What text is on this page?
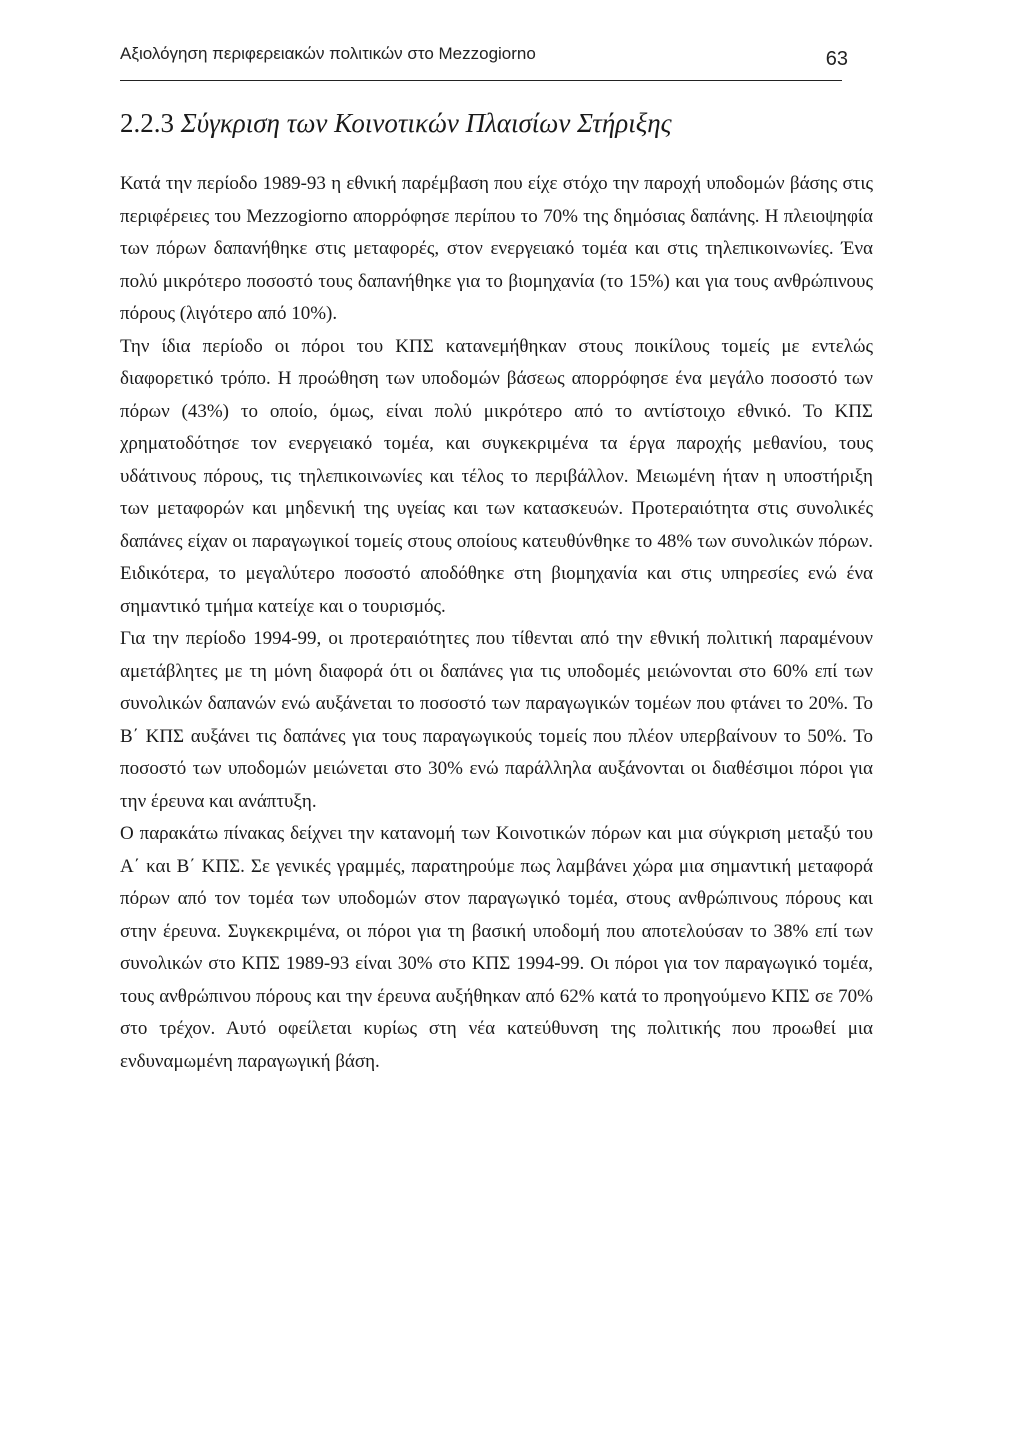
Αξιολόγηση περιφερειακών πολιτικών στο Mezzogiorno	63
2.2.3 Σύγκριση των Κοινοτικών Πλαισίων Στήριξης

Κατά την περίοδο 1989-93 η εθνική παρέμβαση που είχε στόχο την παροχή υποδομών βάσης στις περιφέρειες του Mezzogiorno απορρόφησε περίπου το 70% της δημόσιας δαπάνης. Η πλειοψηφία των πόρων δαπανήθηκε στις μεταφορές, στον ενεργειακό τομέα και στις τηλεπικοινωνίες. Ένα πολύ μικρότερο ποσοστό τους δαπανήθηκε για το βιομηχανία (το 15%) και για τους ανθρώπινους πόρους (λιγότερο από 10%).

Την ίδια περίοδο οι πόροι του ΚΠΣ κατανεμήθηκαν στους ποικίλους τομείς με εντελώς διαφορετικό τρόπο. Η προώθηση των υποδομών βάσεως απορρόφησε ένα μεγάλο ποσοστό των πόρων (43%) το οποίο, όμως, είναι πολύ μικρότερο από το αντίστοιχο εθνικό. Το ΚΠΣ χρηματοδότησε τον ενεργειακό τομέα, και συγκεκριμένα τα έργα παροχής μεθανίου, τους υδάτινους πόρους, τις τηλεπικοινωνίες και τέλος το περιβάλλον. Μειωμένη ήταν η υποστήριξη των μεταφορών και μηδενική της υγείας και των κατασκευών. Προτεραιότητα στις συνολικές δαπάνες είχαν οι παραγωγικοί τομείς στους οποίους κατευθύνθηκε το 48% των συνολικών πόρων. Ειδικότερα, το μεγαλύτερο ποσοστό αποδόθηκε στη βιομηχανία και στις υπηρεσίες ενώ ένα σημαντικό τμήμα κατείχε και ο τουρισμός.

Για την περίοδο 1994-99, οι προτεραιότητες που τίθενται από την εθνική πολιτική παραμένουν αμετάβλητες με τη μόνη διαφορά ότι οι δαπάνες για τις υποδομές μειώνονται στο 60% επί των συνολικών δαπανών ενώ αυξάνεται το ποσοστό των παραγωγικών τομέων που φτάνει το 20%. Το Β΄ ΚΠΣ αυξάνει τις δαπάνες για τους παραγωγικούς τομείς που πλέον υπερβαίνουν το 50%. Το ποσοστό των υποδομών μειώνεται στο 30% ενώ παράλληλα αυξάνονται οι διαθέσιμοι πόροι για την έρευνα και ανάπτυξη.

Ο παρακάτω πίνακας δείχνει την κατανομή των Κοινοτικών πόρων και μια σύγκριση μεταξύ του Α΄ και Β΄ ΚΠΣ. Σε γενικές γραμμές, παρατηρούμε πως λαμβάνει χώρα μια σημαντική μεταφορά πόρων από τον τομέα των υποδομών στον παραγωγικό τομέα, στους ανθρώπινους πόρους και στην έρευνα. Συγκεκριμένα, οι πόροι για τη βασική υποδομή που αποτελούσαν το 38% επί των συνολικών στο ΚΠΣ 1989-93 είναι 30% στο ΚΠΣ 1994-99. Οι πόροι για τον παραγωγικό τομέα, τους ανθρώπινου πόρους και την έρευνα αυξήθηκαν από 62% κατά το προηγούμενο ΚΠΣ σε 70% στο τρέχον. Αυτό οφείλεται κυρίως στη νέα κατεύθυνση της πολιτικής που προωθεί μια ενδυναμωμένη παραγωγική βάση.
